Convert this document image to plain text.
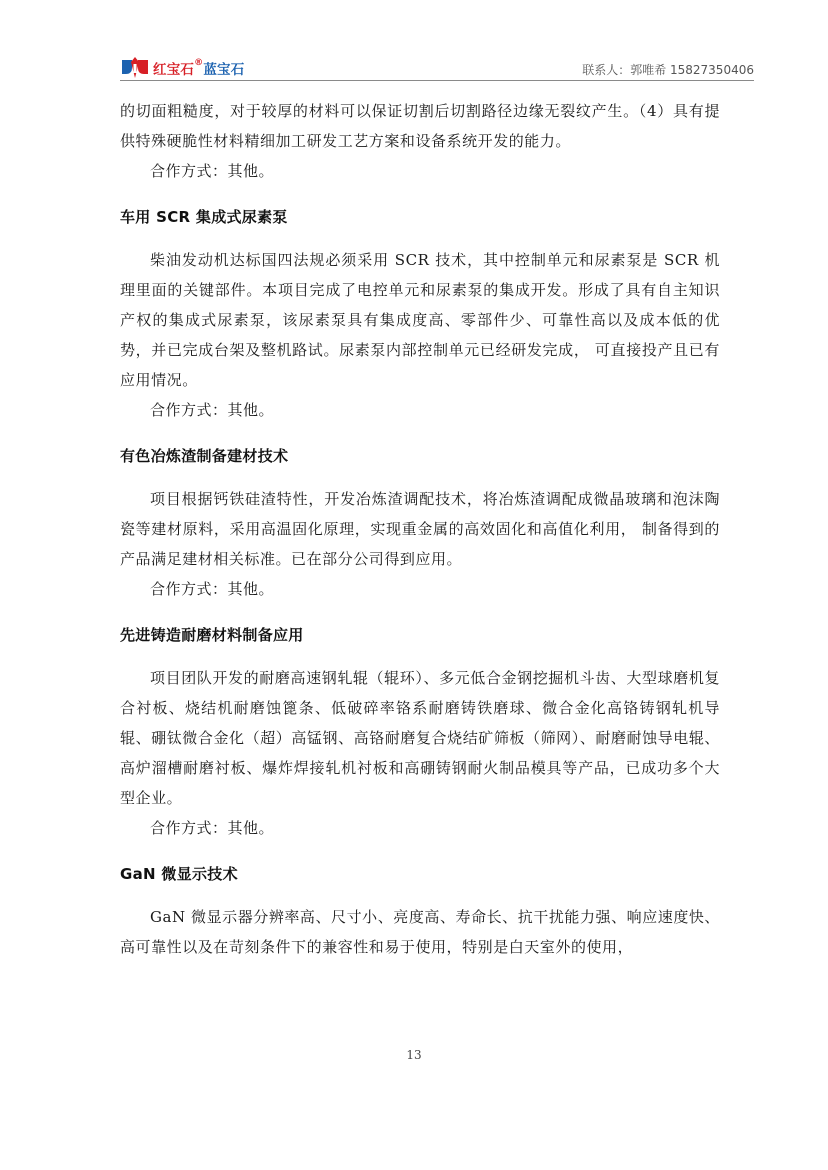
红宝石®蓝宝石	联系人：郭唯希 15827350406

的切面粗糙度，对于较厚的材料可以保证切割后切割路径边缘无裂纹产生。（4）具有提供特殊硬脆性材料精细加工研发工艺方案和设备系统开发的能力。

合作方式：其他。

车用 SCR 集成式尿素泵

柴油发动机达标国四法规必须采用 SCR 技术，其中控制单元和尿素泵是 SCR 机理里面的关键部件。本项目完成了电控单元和尿素泵的集成开发。形成了具有自主知识产权的集成式尿素泵，该尿素泵具有集成度高、零部件少、可靠性高以及成本低的优势，并已完成台架及整机路试。尿素泵内部控制单元已经研发完成， 可直接投产且已有应用情况。

合作方式：其他。

有色冶炼渣制备建材技术

项目根据钙铁硅渣特性，开发冶炼渣调配技术，将冶炼渣调配成微晶玻璃和泡沫陶瓷等建材原料，采用高温固化原理，实现重金属的高效固化和高值化利用， 制备得到的产品满足建材相关标准。已在部分公司得到应用。

合作方式：其他。

先进铸造耐磨材料制备应用

项目团队开发的耐磨高速钢轧辊（辊环）、多元低合金钢挖掘机斗齿、大型球磨机复合衬板、烧结机耐磨蚀篦条、低破碎率铬系耐磨铸铁磨球、微合金化高铬铸钢轧机导辊、硼钛微合金化（超）高锰钢、高铬耐磨复合烧结矿筛板（筛网）、耐磨耐蚀导电辊、高炉溜槽耐磨衬板、爆炸焊接轧机衬板和高硼铸钢耐火制品模具等产品，已成功多个大型企业。

合作方式：其他。

GaN 微显示技术

GaN 微显示器分辨率高、尺寸小、亮度高、寿命长、抗干扰能力强、响应速度快、高可靠性以及在苛刻条件下的兼容性和易于使用，特别是白天室外的使用，

13
